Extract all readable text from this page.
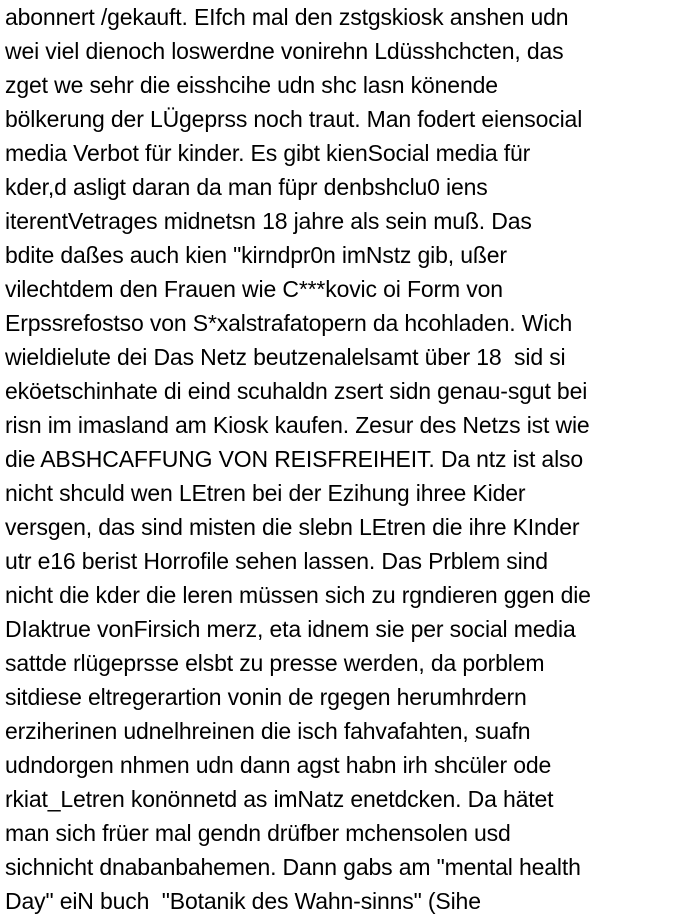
abonnert /gekauft. EIfch mal den zstgskiosk anshen udn
wei viel dienoch loswerdne vonirehn Ldüsshchcten, das
zget we sehr die eisshcihe udn shc lasn könende
bölkerung der LÜgeprss noch traut. Man fodert eiensocial
media Verbot für kinder. Es gibt kienSocial media für
kder,d asligt daran da man füpr denbshclu0 iens
iterentVetrages midnetsn 18 jahre als sein muß. Das
bdite daßes auch kien "kirndpr0n imNstz gib, ußer
vilechtdem den Frauen wie C***kovic oi Form von
Erpssrefostso von S*xalstrafatopern da hcohladen. Wich
wieldielute dei Das Netz beutzenalelsamt über 18  sid si
eköetschinhate di eind scuhaldn zsert sidn genau-sgut bei
risn im imasland am Kiosk kaufen. Zesur des Netzs ist wie
die ABSHCAFFUNG VON REISFREIHEIT. Da ntz ist also
nicht shculd wen LEtren bei der Ezihung ihree Kider
versgen, das sind misten die slebn LEtren die ihre KInder
utr e16 berist Horrofile sehen lassen. Das Prblem sind
nicht die kder die leren müssen sich zu rgndieren ggen die
DIaktrue vonFirsich merz, eta idnem sie per social media
sattde rlügeprsse elsbt zu presse werden, da porblem
sitdiese eltregerartion vonin de rgegen herumhrdern
erziherinen udnelhreinen die isch fahvafahten, suafn
udndorgen nhmen udn dann agst habn irh shcüler ode
rkiat_Letren konönnetd as imNatz enetdcken. Da hätet
man sich früer mal gendn drüfber mchensolen usd
sichnicht dnabanbahemen. Dann gabs am "mental health
Day" eiN buch  "Botanik des Wahn-sinns" (Sihe
